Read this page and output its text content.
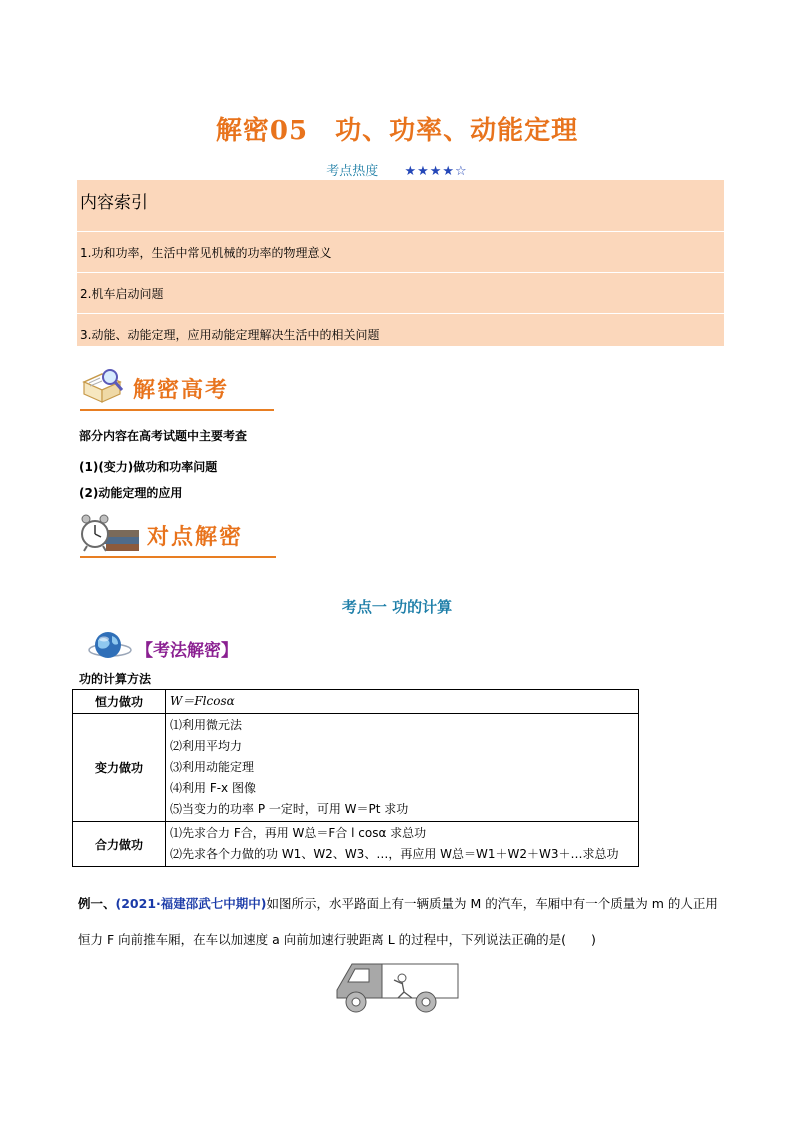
解密05　功、功率、动能定理
考点热度 ★★★★☆
内容索引
1.功和功率，生活中常见机械的功率的物理意义
2.机车启动问题
3.动能、动能定理，应用动能定理解决生活中的相关问题
解密高考
部分内容在高考试题中主要考查
(1)(变力)做功和功率问题
(2)动能定理的应用
对点解密
考点一 功的计算
【考法解密】
功的计算方法
恒力做功	W＝Flcosα
变力做功	⑴利用微元法
⑵利用平均力
⑶利用动能定理
⑷利用 F-x 图像
⑸当变力的功率 P 一定时，可用 W＝Pt 求功

合力做功	⑴先求合力 F合，再用 W总＝F合 l cosα 求总功
⑵先求各个力做的功 W1、W2、W3、…，再应用 W总＝W1＋W2＋W3＋…求总功
例一、(2021·福建邵武七中期中)如图所示，水平路面上有一辆质量为 M 的汽车，车厢中有一个质量为 m 的人正用恒力 F 向前推车厢，在车以加速度 a 向前加速行驶距离 L 的过程中，下列说法正确的是(　　)
